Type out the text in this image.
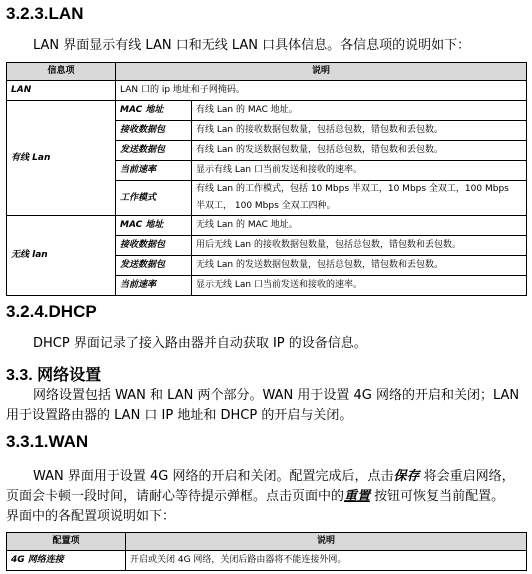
3.2.3.LAN

LAN 界面显示有线 LAN 口和无线 LAN 口具体信息。各信息项的说明如下：

信息项	说明	
LAN	LAN 口的 ip 地址和子网掩码。	
有线 Lan	MAC 地址	有线 Lan 的 MAC 地址。
	接收数据包	有线 Lan 的接收数据包数量，包括总包数，错包数和丢包数。
	发送数据包	有线 Lan 的发送数据包数量，包括总包数，错包数和丢包数。
	当前速率	显示有线 Lan 口当前发送和接收的速率。
	工作模式	有线 Lan 的工作模式，包括 10 Mbps 半双工，10 Mbps 全双工，100 Mbps
半双工， 100 Mbps 全双工四种。

无线 lan	MAC 地址	无线 Lan 的 MAC 地址。
	接收数据包	用后无线 Lan 的接收数据包数量，包括总包数，错包数和丢包数。
	发送数据包	无线 Lan 的发送数据包数量，包括总包数，错包数和丢包数。
	当前速率	显示无线 Lan 口当前发送和接收的速率。
3.2.4.DHCP

DHCP 界面记录了接入路由器并自动获取 IP 的设备信息。

3.3. 网络设置

网络设置包括 WAN 和 LAN 两个部分。WAN 用于设置 4G 网络的开启和关闭；LAN

用于设置路由器的 LAN 口 IP 地址和 DHCP 的开启与关闭。

3.3.1.WAN

WAN 界面用于设置 4G 网络的开启和关闭。配置完成后，点击保存 将会重启网络，

页面会卡顿一段时间，请耐心等待提示弹框。点击页面中的重置 按钮可恢复当前配置。

界面中的各配置项说明如下：

配置项	说明
4G 网络连接	开启或关闭 4G 网络，关闭后路由器将不能连接外网。
